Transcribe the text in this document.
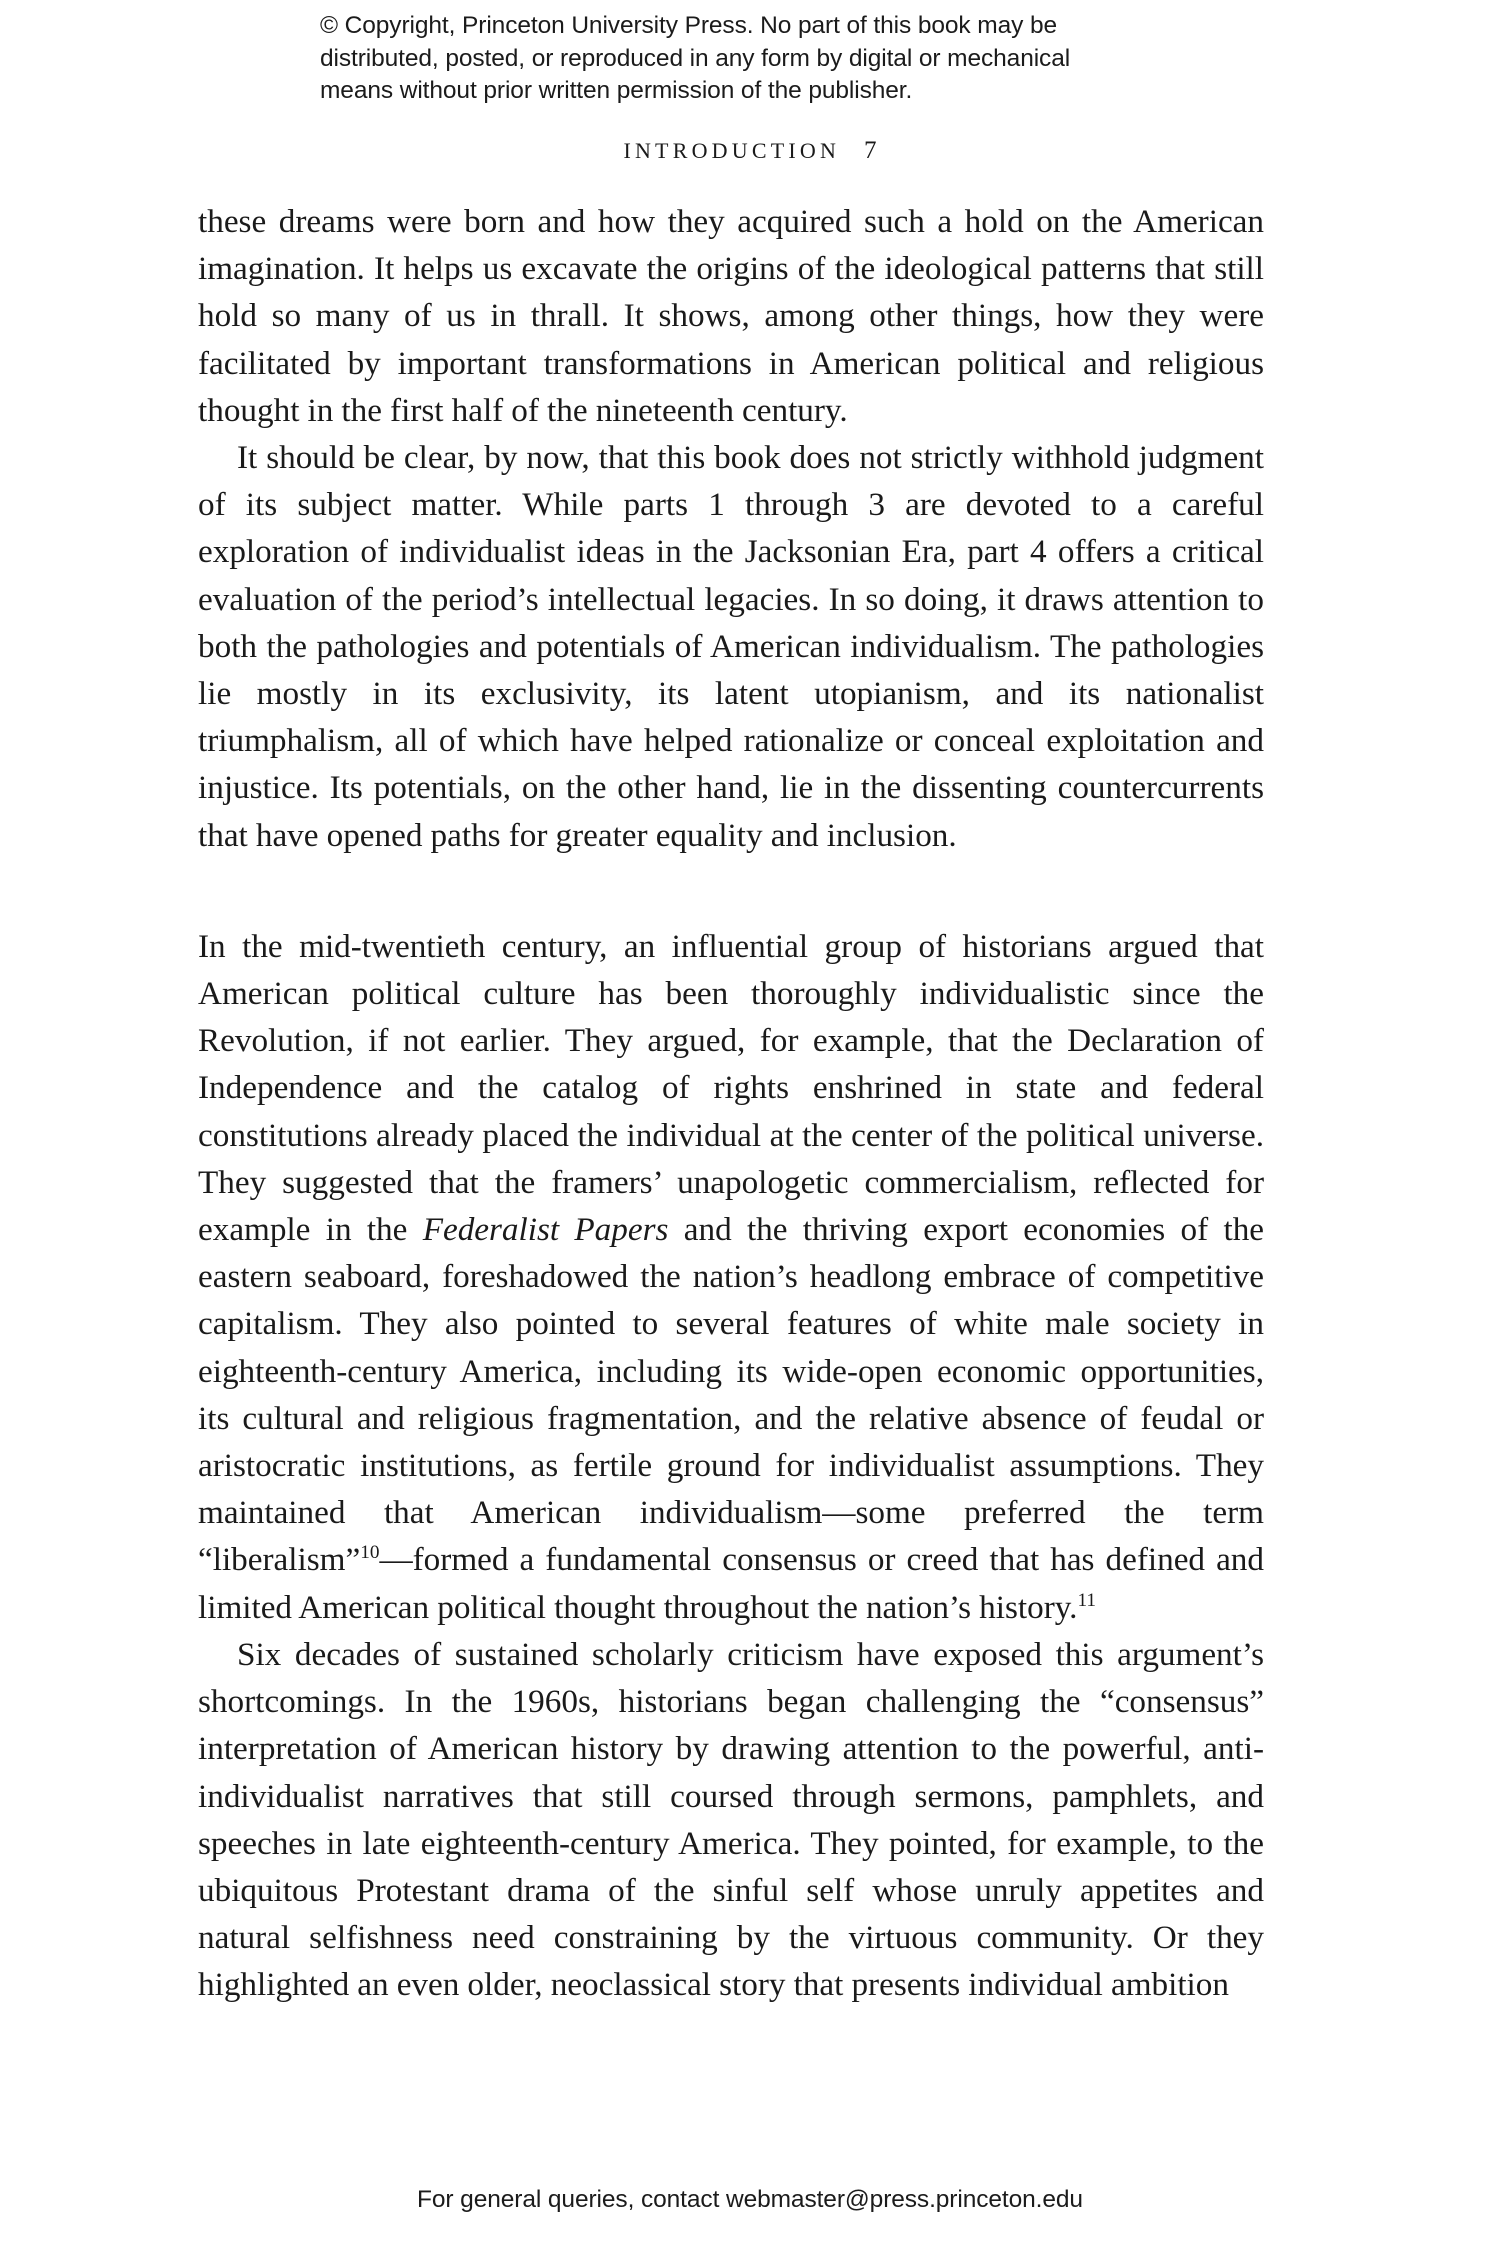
© Copyright, Princeton University Press. No part of this book may be
distributed, posted, or reproduced in any form by digital or mechanical
means without prior written permission of the publisher.
INTRODUCTION 7

these dreams were born and how they acquired such a hold on the American imagination. It helps us excavate the origins of the ideological patterns that still hold so many of us in thrall. It shows, among other things, how they were facilitated by important transformations in American political and religious thought in the first half of the nineteenth century.

It should be clear, by now, that this book does not strictly withhold judgment of its subject matter. While parts 1 through 3 are devoted to a careful exploration of individualist ideas in the Jacksonian Era, part 4 offers a critical evaluation of the period’s intellectual legacies. In so doing, it draws attention to both the pathologies and potentials of American individualism. The pathologies lie mostly in its exclusivity, its latent utopianism, and its nationalist triumphalism, all of which have helped rationalize or conceal exploitation and injustice. Its potentials, on the other hand, lie in the dissenting countercurrents that have opened paths for greater equality and inclusion.

In the mid-twentieth century, an influential group of historians argued that American political culture has been thoroughly individualistic since the Revolution, if not earlier. They argued, for example, that the Declaration of Independence and the catalog of rights enshrined in state and federal constitutions already placed the individual at the center of the political universe. They suggested that the framers’ unapologetic commercialism, reflected for example in the Federalist Papers and the thriving export economies of the eastern seaboard, foreshadowed the nation’s headlong embrace of competitive capitalism. They also pointed to several features of white male society in eighteenth-century America, including its wide-open economic opportunities, its cultural and religious fragmentation, and the relative absence of feudal or aristocratic institutions, as fertile ground for individualist assumptions. They maintained that American individualism—some preferred the term “liberalism”$^{10}$—formed a fundamental consensus or creed that has defined and limited American political thought throughout the nation’s history.$^{11}$

Six decades of sustained scholarly criticism have exposed this argument’s shortcomings. In the 1960s, historians began challenging the “consensus” interpretation of American history by drawing attention to the powerful, anti-individualist narratives that still coursed through sermons, pamphlets, and speeches in late eighteenth-century America. They pointed, for example, to the ubiquitous Protestant drama of the sinful self whose unruly appetites and natural selfishness need constraining by the virtuous community. Or they highlighted an even older, neoclassical story that presents individual ambition

For general queries, contact webmaster@press.princeton.edu
